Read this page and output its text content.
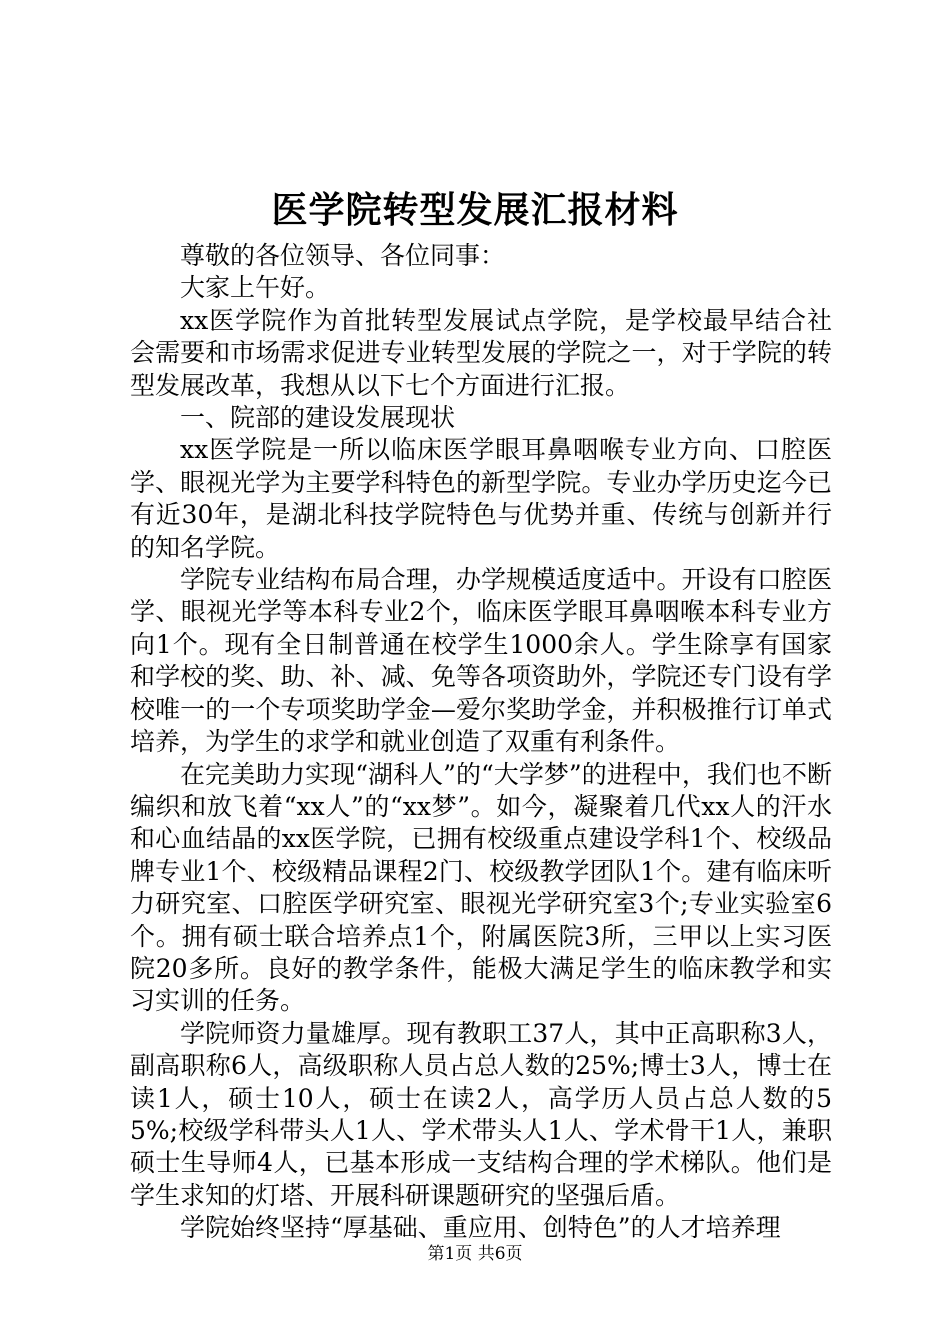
医学院转型发展汇报材料

尊敬的各位领导、各位同事：

大家上午好。

xx医学院作为首批转型发展试点学院，是学校最早结合社会需要和市场需求促进专业转型发展的学院之一，对于学院的转型发展改革，我想从以下七个方面进行汇报。

一、院部的建设发展现状

xx医学院是一所以临床医学眼耳鼻咽喉专业方向、口腔医学、眼视光学为主要学科特色的新型学院。专业办学历史迄今已有近30年，是湖北科技学院特色与优势并重、传统与创新并行的知名学院。

学院专业结构布局合理，办学规模适度适中。开设有口腔医学、眼视光学等本科专业2个，临床医学眼耳鼻咽喉本科专业方向1个。现有全日制普通在校学生1000余人。学生除享有国家和学校的奖、助、补、减、免等各项资助外，学院还专门设有学校唯一的一个专项奖助学金—爱尔奖助学金，并积极推行订单式培养，为学生的求学和就业创造了双重有利条件。

在完美助力实现“湖科人”的“大学梦”的进程中，我们也不断编织和放飞着“xx人”的“xx梦”。如今，凝聚着几代xx人的汗水和心血结晶的xx医学院，已拥有校级重点建设学科1个、校级品牌专业1个、校级精品课程2门、校级教学团队1个。建有临床听力研究室、口腔医学研究室、眼视光学研究室3个;专业实验室6个。拥有硕士联合培养点1个，附属医院3所，三甲以上实习医院20多所。良好的教学条件，能极大满足学生的临床教学和实习实训的任务。

学院师资力量雄厚。现有教职工37人，其中正高职称3人，副高职称6人，高级职称人员占总人数的25%;博士3人，博士在读1人，硕士10人，硕士在读2人，高学历人员占总人数的55%;校级学科带头人1人、学术带头人1人、学术骨干1人，兼职硕士生导师4人，已基本形成一支结构合理的学术梯队。他们是学生求知的灯塔、开展科研课题研究的坚强后盾。

学院始终坚持“厚基础、重应用、创特色”的人才培养理

第1页 共6页
